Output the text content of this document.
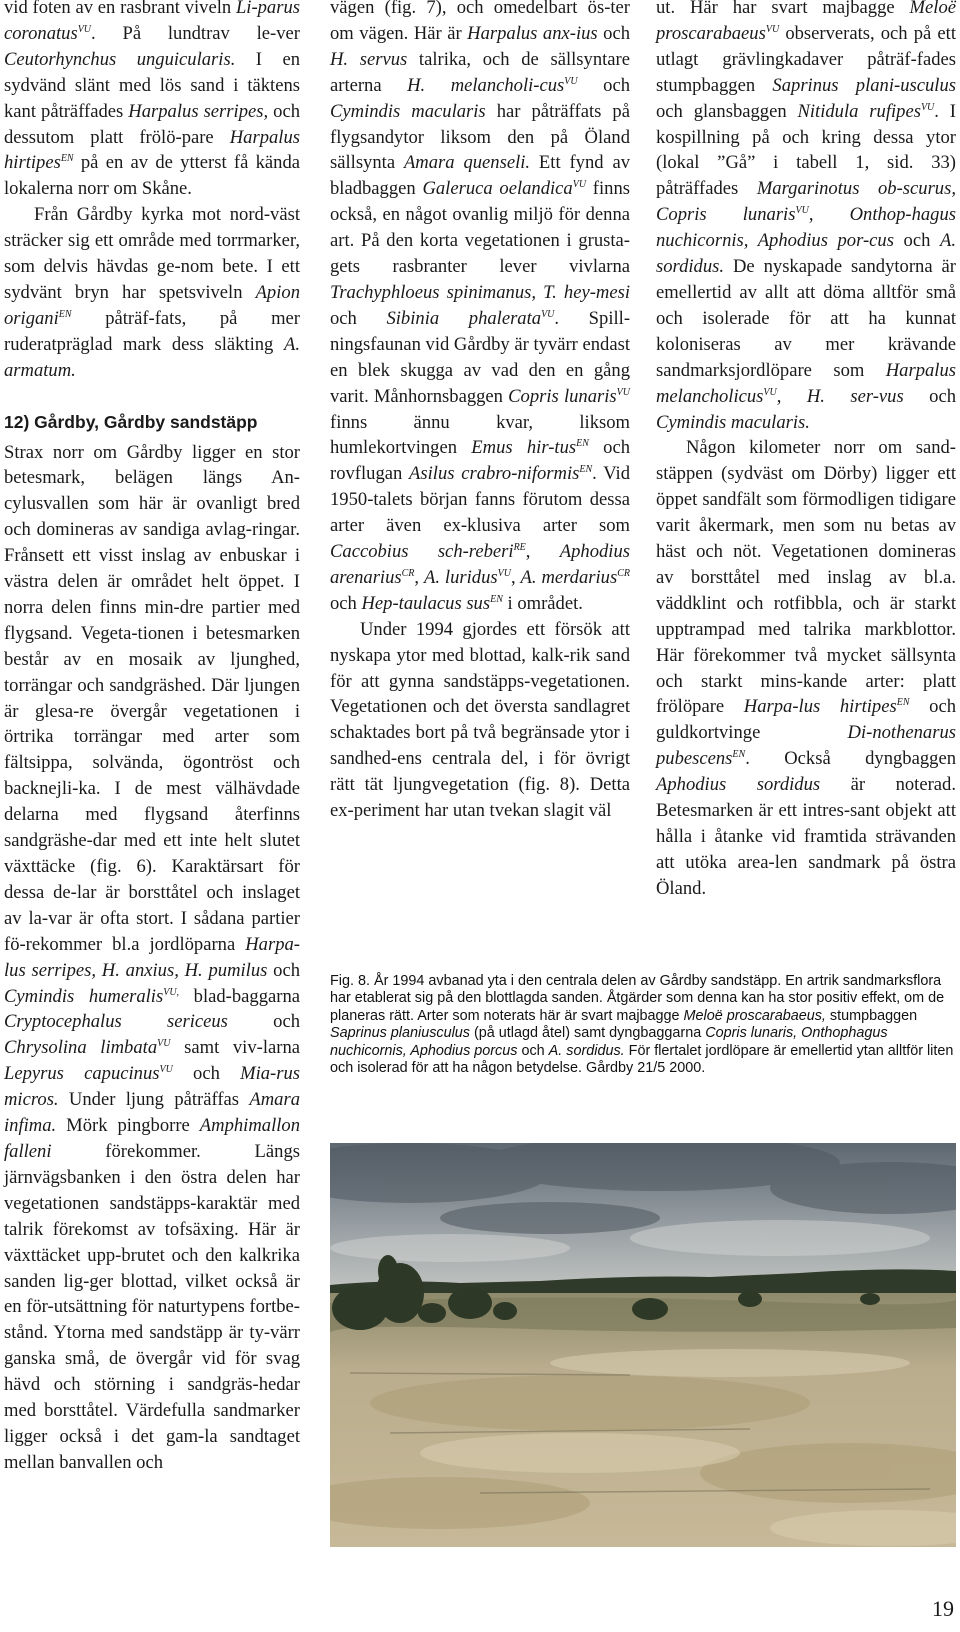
vid foten av en rasbrant viveln Li-parus coronatus$^{VU}$. På lundtrav le-ver Ceutorhynchus unguicularis. I en sydvänd slänt med lös sand i täktens kant påträffades Harpalus serripes, och dessutom platt frölö-pare Harpalus hirtipes$^{EN}$ på en av de ytterst få kända lokalerna norr om Skåne.

Från Gårdby kyrka mot nord-väst sträcker sig ett område med torrmarker, som delvis hävdas ge-nom bete. I ett sydvänt bryn har spetsviveln Apion origani$^{EN}$ påträf-fats, på mer ruderatpräglad mark dess släkting A. armatum.

12) Gårdby, Gårdby sandstäpp

Strax norr om Gårdby ligger en stor betesmark, belägen längs An-cylusvallen som här är ovanligt bred och domineras av sandiga avlag-ringar. Frånsett ett visst inslag av enbuskar i västra delen är området helt öppet. I norra delen finns min-dre partier med flygsand. Vegeta-tionen i betesmarken består av en mosaik av ljunghed, torrängar och sandgräshed. Där ljungen är glesa-re övergår vegetationen i örtrika torrängar med arter som fältsippa, solvända, ögontröst och backnejli-ka. I de mest välhävdade delarna med flygsand återfinns sandgräshe-dar med ett inte helt slutet växttäcke (fig. 6). Karaktärsart för dessa de-lar är borsttåtel och inslaget av la-var är ofta stort. I sådana partier fö-rekommer bl.a jordlöparna Harpa-lus serripes, H. anxius, H. pumilus och Cymindis humeralis$^{VU,}$ blad-baggarna Cryptocephalus sericeus och Chrysolina limbata$^{VU}$ samt viv-larna Lepyrus capucinus$^{VU}$ och Mia-rus micros. Under ljung påträffas Amara infima. Mörk pingborre Amphimallon falleni förekommer. Längs järnvägsbanken i den östra delen har vegetationen sandstäpps-karaktär med talrik förekomst av tofsäxing. Här är växttäcket upp-brutet och den kalkrika sanden lig-ger blottad, vilket också är en för-utsättning för naturtypens fortbe-stånd. Ytorna med sandstäpp är ty-värr ganska små, de övergår vid för svag hävd och störning i sandgräs-hedar med borsttåtel. Värdefulla sandmarker ligger också i det gam-la sandtaget mellan banvallen och

vägen (fig. 7), och omedelbart ös-ter om vägen. Här är Harpalus anx-ius och H. servus talrika, och de sällsyntare arterna H. melancholi-cus$^{VU}$ och Cymindis macularis har påträffats på flygsandytor liksom den på Öland sällsynta Amara quenseli. Ett fynd av bladbaggen Galeruca oelandica$^{VU}$ finns också, en något ovanlig miljö för denna art. På den korta vegetationen i grusta-gets rasbranter lever vivlarna Trachyphloeus spinimanus, T. hey-mesi och Sibinia phalerata$^{VU}$. Spill-ningsfaunan vid Gårdby är tyvärr endast en blek skugga av vad den en gång varit. Månhornsbaggen Copris lunaris$^{VU}$ finns ännu kvar, liksom humlekortvingen Emus hir-tus$^{EN}$ och rovflugan Asilus crabro-niformis$^{EN}$. Vid 1950-talets början fanns förutom dessa arter även ex-klusiva arter som Caccobius sch-reberi$^{RE}$, Aphodius arenarius$^{CR}$, A. luridus$^{VU}$, A. merdarius$^{CR}$ och Hep-taulacus sus$^{EN}$ i området.

Under 1994 gjordes ett försök att nyskapa ytor med blottad, kalk-rik sand för att gynna sandstäpps-vegetationen. Vegetationen och det översta sandlagret schaktades bort på två begränsade ytor i sandhed-ens centrala del, i för övrigt rätt tät ljungvegetation (fig. 8). Detta ex-periment har utan tvekan slagit väl

ut. Här har svart majbagge Meloë proscarabaeus$^{VU}$ observerats, och på ett utlagt grävlingkadaver påträf-fades stumpbaggen Saprinus plani-usculus och glansbaggen Nitidula rufipes$^{VU}$. I kospillning på och kring dessa ytor (lokal ”Gå” i tabell 1, sid. 33) påträffades Margarinotus ob-scurus, Copris lunaris$^{VU}$, Onthop-hagus nuchicornis, Aphodius por-cus och A. sordidus. De nyskapade sandytorna är emellertid av allt att döma alltför små och isolerade för att ha kunnat koloniseras av mer krävande sandmarksjordlöpare som Harpalus melancholicus$^{VU}$, H. ser-vus och Cymindis macularis.

Någon kilometer norr om sand-stäppen (sydväst om Dörby) ligger ett öppet sandfält som förmodligen tidigare varit åkermark, men som nu betas av häst och nöt. Vegetationen domineras av borsttåtel med inslag av bl.a. väddklint och rotfibbla, och är starkt upptrampad med talrika markblottor. Här förekommer två mycket sällsynta och starkt mins-kande arter: platt frölöpare Harpa-lus hirtipes$^{EN}$ och guldkortvinge Di-nothenarus pubescens$^{EN}$. Också dyngbaggen Aphodius sordidus är noterad. Betesmarken är ett intres-sant objekt att hålla i åtanke vid framtida strävanden att utöka area-len sandmark på östra Öland.

Fig. 8. År 1994 avbanad yta i den centrala delen av Gårdby sandstäpp. En artrik sandmarksflora har etablerat sig på den blottlagda sanden. Åtgärder som denna kan ha stor positiv effekt, om de planeras rätt. Arter som noterats här är svart majbagge Meloë proscarabaeus, stumpbaggen Saprinus planiusculus (på utlagd åtel) samt dyngbaggarna Copris lunaris, Onthophagus nuchicornis, Aphodius porcus och A. sordidus. För flertalet jordlöpare är emellertid ytan alltför liten och isolerad för att ha någon betydelse. Gårdby 21/5 2000.

19
